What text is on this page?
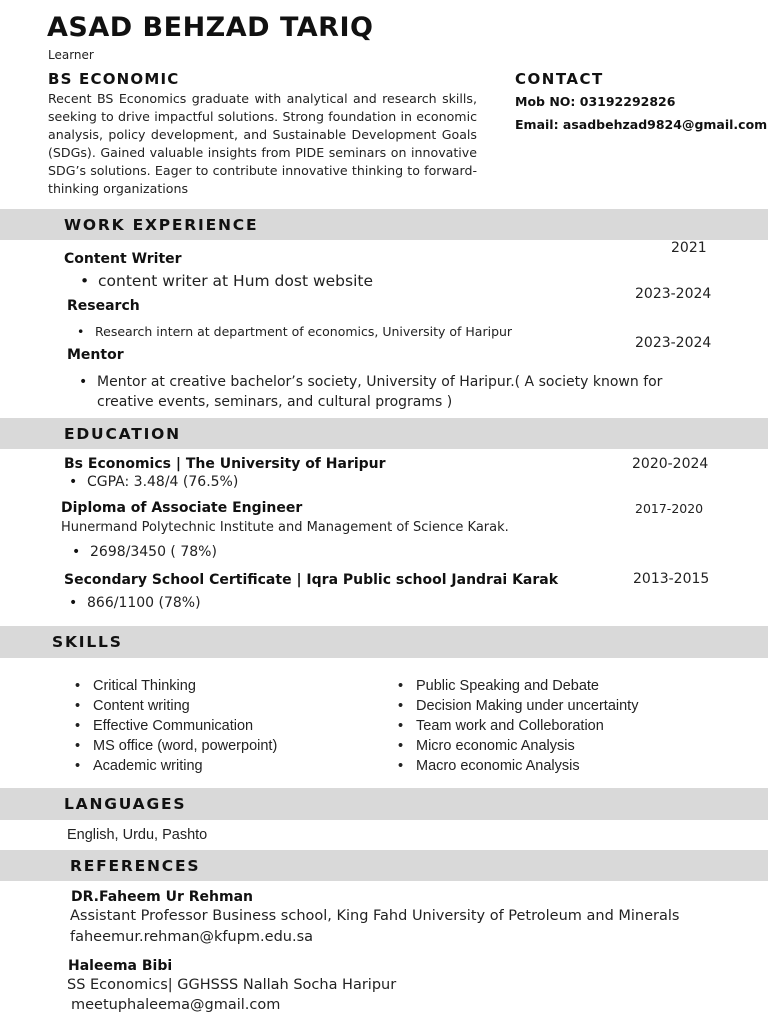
ASAD BEHZAD TARIQ
Learner
BS ECONOMIC
Recent BS Economics graduate with analytical and research skills, seeking to drive impactful solutions. Strong foundation in economic analysis, policy development, and Sustainable Development Goals (SDGs). Gained valuable insights from PIDE seminars on innovative SDG’s solutions. Eager to contribute innovative thinking to forward-thinking organizations
CONTACT
Mob NO: 03192292826
Email: asadbehzad9824@gmail.com
WORK EXPERIENCE
Content Writer
2021
• content writer at Hum dost website
Research
2023-2024
• Research intern at department of economics, University of Haripur
Mentor
2023-2024
• Mentor at creative bachelor’s society, University of Haripur.( A society known for creative events, seminars, and cultural programs )
EDUCATION
Bs Economics | The University of Haripur	2020-2024
• CGPA: 3.48/4 (76.5%)
Diploma of Associate Engineer	2017-2020
Hunermand Polytechnic Institute and Management of Science Karak.
• 2698/3450 ( 78%)
Secondary School Certificate | Iqra Public school Jandrai Karak	2013-2015
• 866/1100 (78%)
SKILLS
• Critical Thinking
• Content writing
• Effective Communication
• MS office (word, powerpoint)
• Academic writing
• Public Speaking and Debate
• Decision Making under uncertainty
• Team work and Colleboration
• Micro economic Analysis
• Macro economic Analysis
LANGUAGES
English, Urdu, Pashto
REFERENCES
DR.Faheem Ur Rehman
Assistant Professor Business school, King Fahd University of Petroleum and Minerals
faheemur.rehman@kfupm.edu.sa
Haleema Bibi
SS Economics| GGHSSS Nallah Socha Haripur
meetuphaleema@gmail.com
